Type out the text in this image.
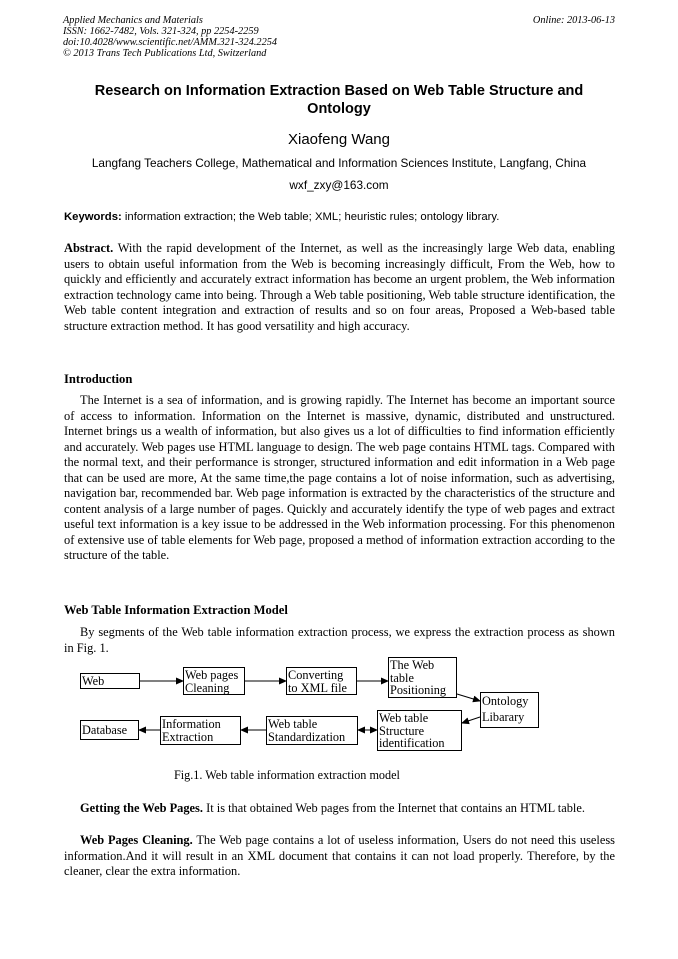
Applied Mechanics and Materials
ISSN: 1662-7482, Vols. 321-324, pp 2254-2259
doi:10.4028/www.scientific.net/AMM.321-324.2254
© 2013 Trans Tech Publications Ltd, Switzerland
Online: 2013-06-13
Research on Information Extraction Based on Web Table Structure and
Ontology
Xiaofeng Wang
Langfang Teachers College, Mathematical and Information Sciences Institute, Langfang, China
wxf_zxy@163.com
Keywords: information extraction; the Web table; XML; heuristic rules; ontology library.

Abstract. With the rapid development of the Internet, as well as the increasingly large Web data, enabling users to obtain useful information from the Web is becoming increasingly difficult, From the Web, how to quickly and efficiently and accurately extract information has become an urgent problem, the Web information extraction technology came into being. Through a Web table positioning, Web table structure identification, the Web table content integration and extraction of results and so on four areas, Proposed a Web-based table structure extraction method. It has good versatility and high accuracy.

Introduction

The Internet is a sea of information, and is growing rapidly. The Internet has become an important source of access to information. Information on the Internet is massive, dynamic, distributed and unstructured. Internet brings us a wealth of information, but also gives us a lot of difficulties to find information efficiently and accurately. Web pages use HTML language to design. The web page contains HTML tags. Compared with the normal text, and their performance is stronger, structured information and edit information in a Web page that can be used are more, At the same time,the page contains a lot of noise information, such as advertising, navigation bar, recommended bar. Web page information is extracted by the characteristics of the structure and content analysis of a large number of pages. Quickly and accurately identify the type of web pages and extract useful text information is a key issue to be addressed in the Web information processing. For this phenomenon of extensive use of table elements for Web page, proposed a method of information extraction according to the structure of the table.

Web Table Information Extraction Model

By segments of the Web table information extraction process, we express the extraction process as shown in Fig. 1.

Web	Web pages
Cleaning
Converting
to XML file
The Web
table
Positioning
Ontology
Libarary
Web table
Structure
identification
Web table
Standardization
Information
Extraction
Database
Fig.1. Web table information extraction model

Getting the Web Pages. It is that obtained Web pages from the Internet that contains an HTML table.

Web Pages Cleaning. The Web page contains a lot of useless information, Users do not need this useless information.And it will result in an XML document that contains it can not load properly. Therefore, by the cleaner, clear the extra information.
